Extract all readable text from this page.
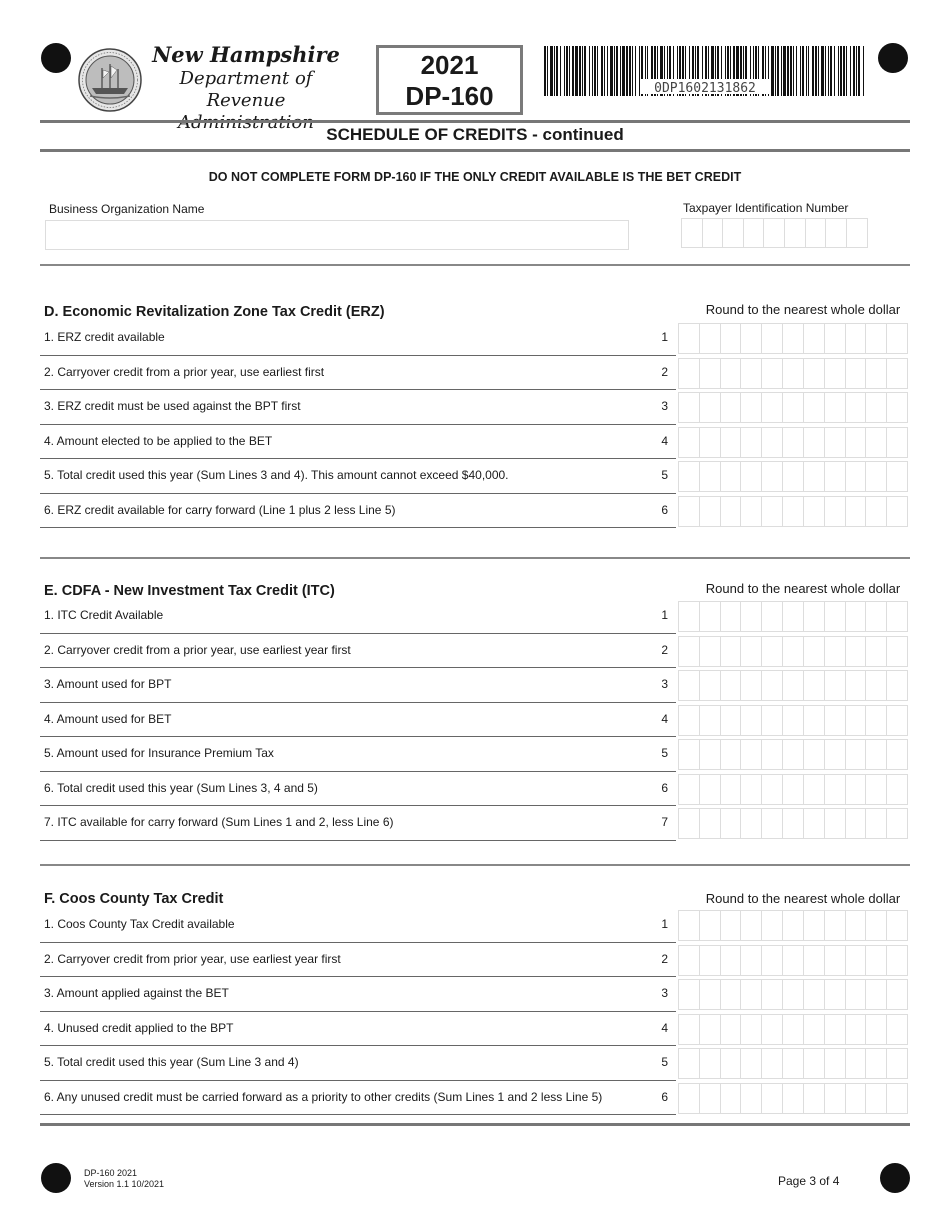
New Hampshire
Department of
Revenue
2021
DP-160	0DP1602131862
SCHEDULE OF CREDITS - continued
DO NOT COMPLETE FORM DP-160 IF THE ONLY CREDIT AVAILABLE IS THE BET CREDIT
Business Organization Name	Taxpayer Identification Number
D. Economic Revitalization Zone Tax Credit (ERZ)	Round to the nearest whole dollar
1. ERZ credit available	1
2. Carryover credit from a prior year, use earliest first	2
3. ERZ credit must be used against the BPT first	3
4. Amount elected to be applied to the BET	4
5. Total credit used this year (Sum Lines 3 and 4). This amount cannot exceed $40,000.	5
6. ERZ credit available for carry forward (Line 1 plus 2 less Line 5)	6
E. CDFA - New Investment Tax Credit (ITC)	Round to the nearest whole dollar
1. ITC Credit Available	1
2. Carryover credit from a prior year, use earliest year first	2
3. Amount used for BPT	3
4. Amount used for BET	4
5. Amount used for Insurance Premium Tax	5
6. Total credit used this year (Sum Lines 3, 4 and 5)	6
7. ITC available for carry forward (Sum Lines 1 and 2, less Line 6)	7
F. Coos County Tax Credit	Round to the nearest whole dollar
1. Coos County Tax Credit available	1
2. Carryover credit from prior year, use earliest year first	2
3. Amount applied against the BET	3
4. Unused credit applied to the BPT	4
5. Total credit used this year (Sum Line 3 and 4)	5
6. Any unused credit must be carried forward as a priority to other credits (Sum Lines 1 and 2 less Line 5)	6
DP-160 2021
Version 1.1 10/2021	Page 3 of 4
